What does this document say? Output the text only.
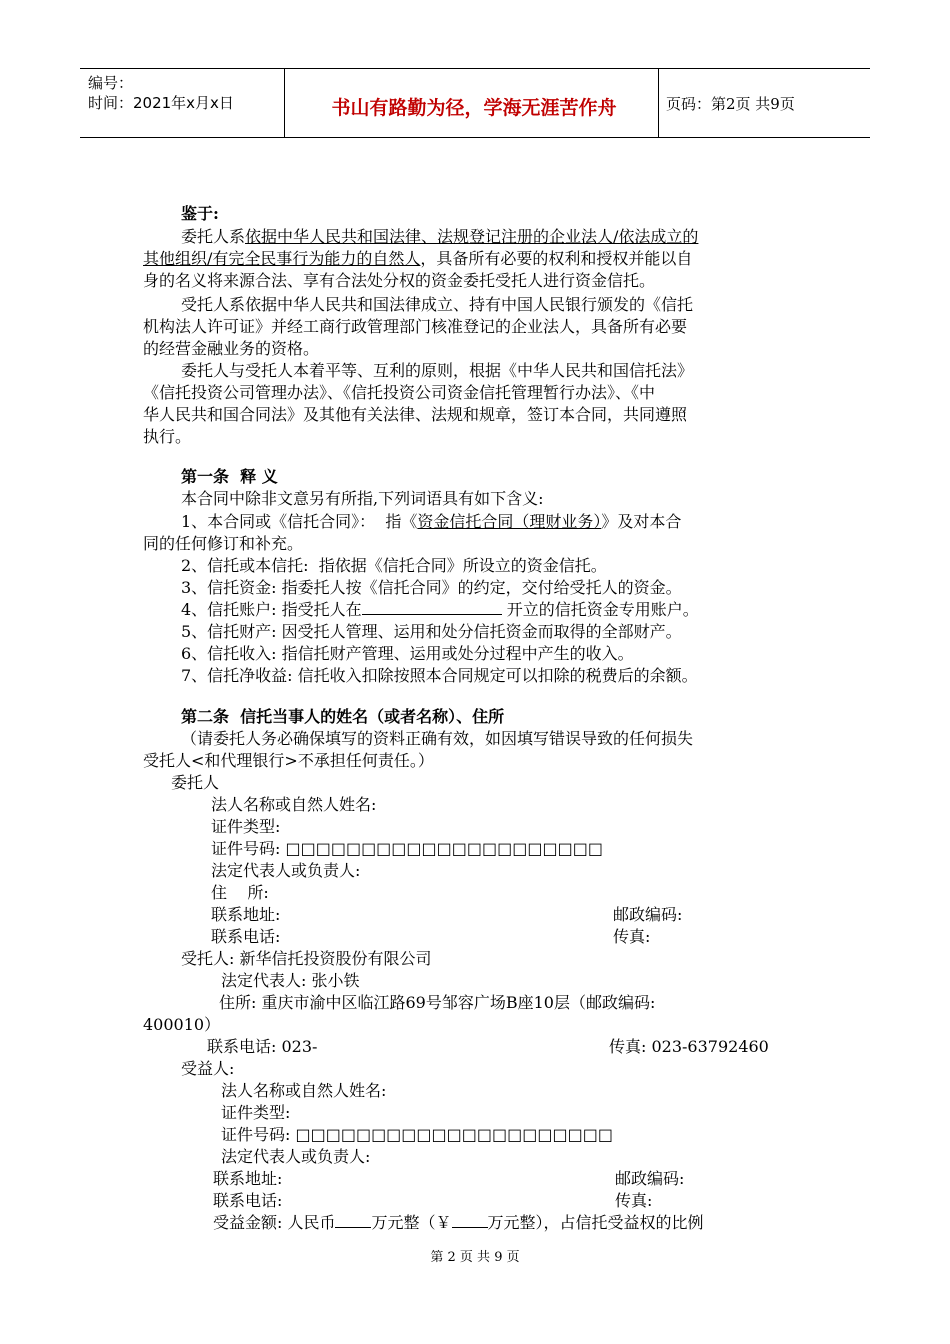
编号：
时间：2021年x月x日	书山有路勤为径，学海无涯苦作舟	页码：第2页 共9页
鉴于:
委托人系依据中华人民共和国法律、法规登记注册的企业法人/依法成立的
其他组织/有完全民事行为能力的自然人，具备所有必要的权利和授权并能以自
身的名义将来源合法、享有合法处分权的资金委托受托人进行资金信托。
受托人系依据中华人民共和国法律成立、持有中国人民银行颁发的《信托
机构法人许可证》并经工商行政管理部门核准登记的企业法人，具备所有必要
的经营金融业务的资格。
委托人与受托人本着平等、互利的原则，根据《中华人民共和国信托法》
《信托投资公司管理办法》、《信托投资公司资金信托管理暂行办法》、《中
华人民共和国合同法》及其他有关法律、法规和规章，签订本合同，共同遵照
执行。
第一条  释 义
本合同中除非文意另有所指,下列词语具有如下含义:
1、本合同或《信托合同》：  指《资金信托合同（理财业务）》及对本合
同的任何修订和补充。
2、信托或本信托:  指依据《信托合同》所设立的资金信托。
3、信托资金: 指委托人按《信托合同》的约定，交付给受托人的资金。
4、信托账户: 指受托人在	开立的信托资金专用账户。
5、信托财产: 因受托人管理、运用和处分信托资金而取得的全部财产。
6、信托收入: 指信托财产管理、运用或处分过程中产生的收入。
7、信托净收益: 信托收入扣除按照本合同规定可以扣除的税费后的余额。
第二条  信托当事人的姓名（或者名称）、住所
（请委托人务必确保填写的资料正确有效，如因填写错误导致的任何损失
受托人<和代理银行>不承担任何责任。）
委托人
法人名称或自然人姓名:
证件类型:
证件号码: □□□□□□□□□□□□□□□□□□□□□
法定代表人或负责人:
住    所:
联系地址:	邮政编码:
联系电话:	传真:
受托人: 新华信托投资股份有限公司
法定代表人: 张小铁
住所: 重庆市渝中区临江路69号邹容广场B座10层（邮政编码:
400010）
联系电话: 023-	传真: 023-63792460
受益人:
法人名称或自然人姓名:
证件类型:
证件号码: □□□□□□□□□□□□□□□□□□□□□
法定代表人或负责人:
联系地址:	邮政编码:
联系电话:	传真:
受益金额: 人民币 万元整（￥ 万元整），占信托受益权的比例
第 2 页 共 9 页
